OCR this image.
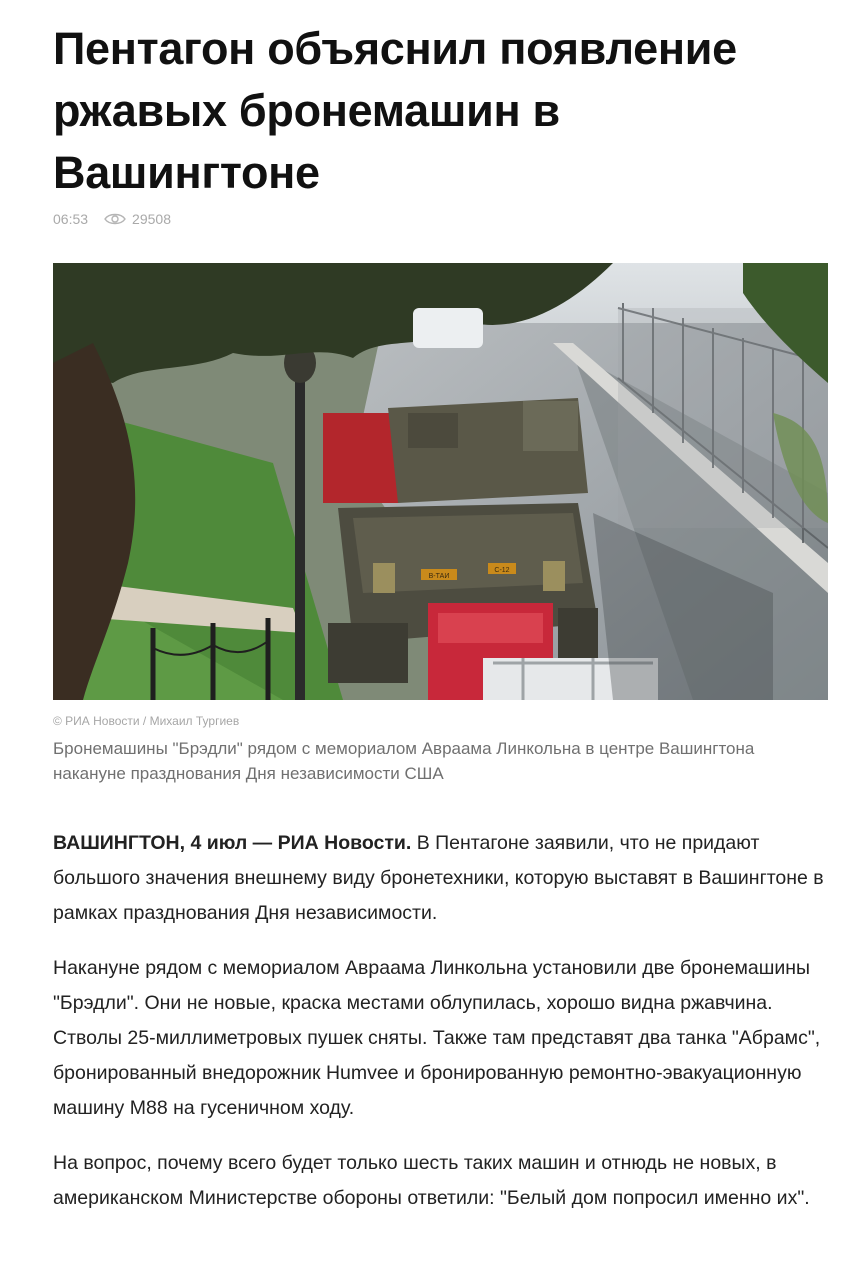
Пентагон объяснил появление ржавых бронемашин в Вашингтоне
06:53	29508
В-ТАИ
С-12
© РИА Новости / Михаил Тургиев

Бронемашины "Брэдли" рядом с мемориалом Авраама Линкольна в центре Вашингтона накануне празднования Дня независимости США

ВАШИНГТОН, 4 июл — РИА Новости. В Пентагоне заявили, что не придают большого значения внешнему виду бронетехники, которую выставят в Вашингтоне в рамках празднования Дня независимости.

Накануне рядом с мемориалом Авраама Линкольна установили две бронемашины "Брэдли". Они не новые, краска местами облупилась, хорошо видна ржавчина. Стволы 25-миллиметровых пушек сняты. Также там представят два танка "Абрамс", бронированный внедорожник Humvee и бронированную ремонтно-эвакуационную машину М88 на гусеничном ходу.

На вопрос, почему всего будет только шесть таких машин и отнюдь не новых, в американском Министерстве обороны ответили: "Белый дом попросил именно их".
